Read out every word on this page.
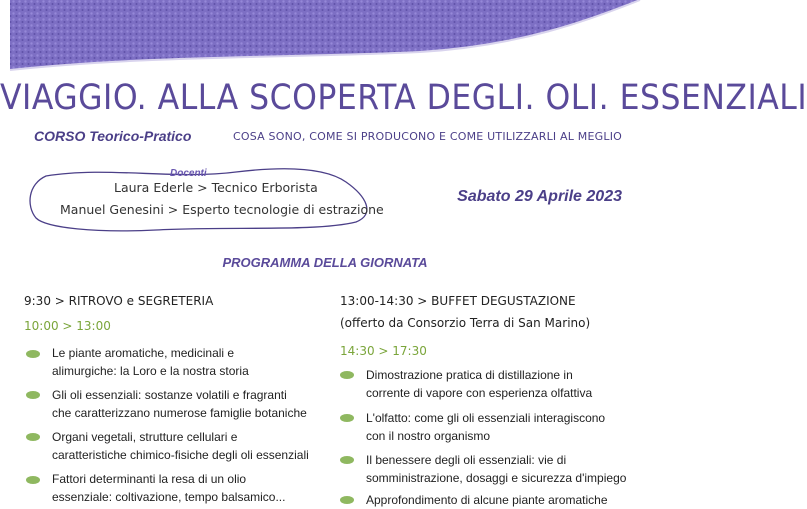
VIAGGIO. ALLA SCOPERTA DEGLI. OLI. ESSENZIALI
CORSO Teorico-Pratico	COSA SONO, COME SI PRODUCONO E COME UTILIZZARLI AL MEGLIO
Docenti
Laura Ederle > Tecnico Erborista
Manuel Genesini > Esperto tecnologie di estrazione
Sabato 29 Aprile 2023
PROGRAMMA DELLA GIORNATA
9:30 > RITROVO e SEGRETERIA
10:00 > 13:00
Le piante aromatiche, medicinali e
alimurgiche: la Loro e la nostra storia
Gli oli essenziali: sostanze volatili e fragranti
che caratterizzano numerose famiglie botaniche
Organi vegetali, strutture cellulari e
caratteristiche chimico-fisiche degli oli essenziali
Fattori determinanti la resa di un olio
essenziale: coltivazione, tempo balsamico...
13:00-14:30 > BUFFET DEGUSTAZIONE
(offerto da Consorzio Terra di San Marino)
14:30 > 17:30
Dimostrazione pratica di distillazione in
corrente di vapore con esperienza olfattiva
L'olfatto: come gli oli essenziali interagiscono
con il nostro organismo
Il benessere degli oli essenziali: vie di
somministrazione, dosaggi e sicurezza d'impiego
Approfondimento di alcune piante aromatiche
